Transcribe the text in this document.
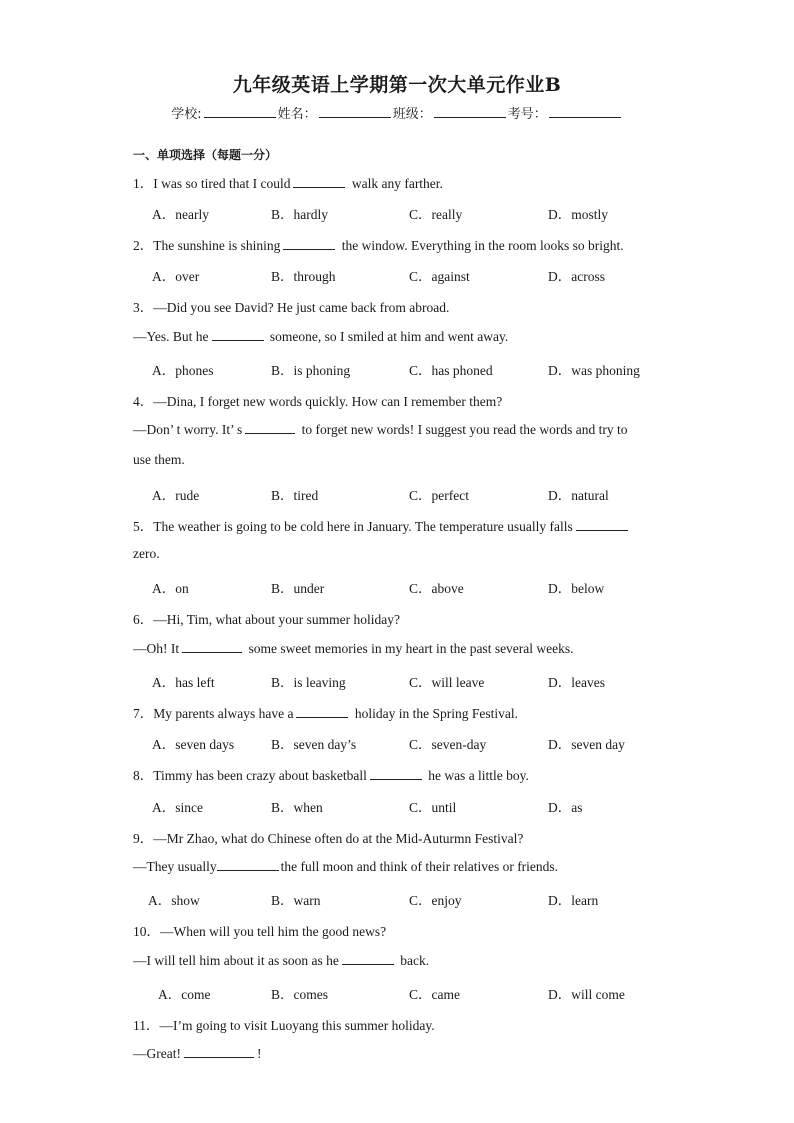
九年级英语上学期第一次大单元作业B
学校:	姓名：	班级：	考号：
一、单项选择（每题一分）
1．I was so tired that I could	walk any farther.
A．nearly	B．hardly	C．really	D．mostly
2．The sunshine is shining	the window. Everything in the room looks so bright.
A．over	B．through	C．against	D．across
3．—Did you see David? He just came back from abroad.
—Yes. But he	someone, so I smiled at him and went away.
A．phones	B．is phoning	C．has phoned	D．was phoning
4．—Dina, I forget new words quickly. How can I remember them?
—Don’ t worry. It’ s	to forget new words! I suggest you read the words and try to
use them.
A．rude	B．tired	C．perfect	D．natural
5．The weather is going to be cold here in January. The temperature usually falls
zero.
A．on	B．under	C．above	D．below
6．—Hi, Tim, what about your summer holiday?
—Oh! It	some sweet memories in my heart in the past several weeks.
A．has left	B．is leaving	C．will leave	D．leaves
7．My parents always have a	holiday in the Spring Festival.
A．seven days	B．seven day’s	C．seven-day	D．seven day
8．Timmy has been crazy about basketball	he was a little boy.
A．since	B．when	C．until	D．as
9．—Mr Zhao, what do Chinese often do at the Mid-Auturmn Festival?
—They usually	the full moon and think of their relatives or friends.
A．show	B．warn	C．enjoy	D．learn
10．—When will you tell him the good news?
—I will tell him about it as soon as he	back.
A．come	B．comes	C．came	D．will come
11．—I’m going to visit Luoyang this summer holiday.
—Great!	!
